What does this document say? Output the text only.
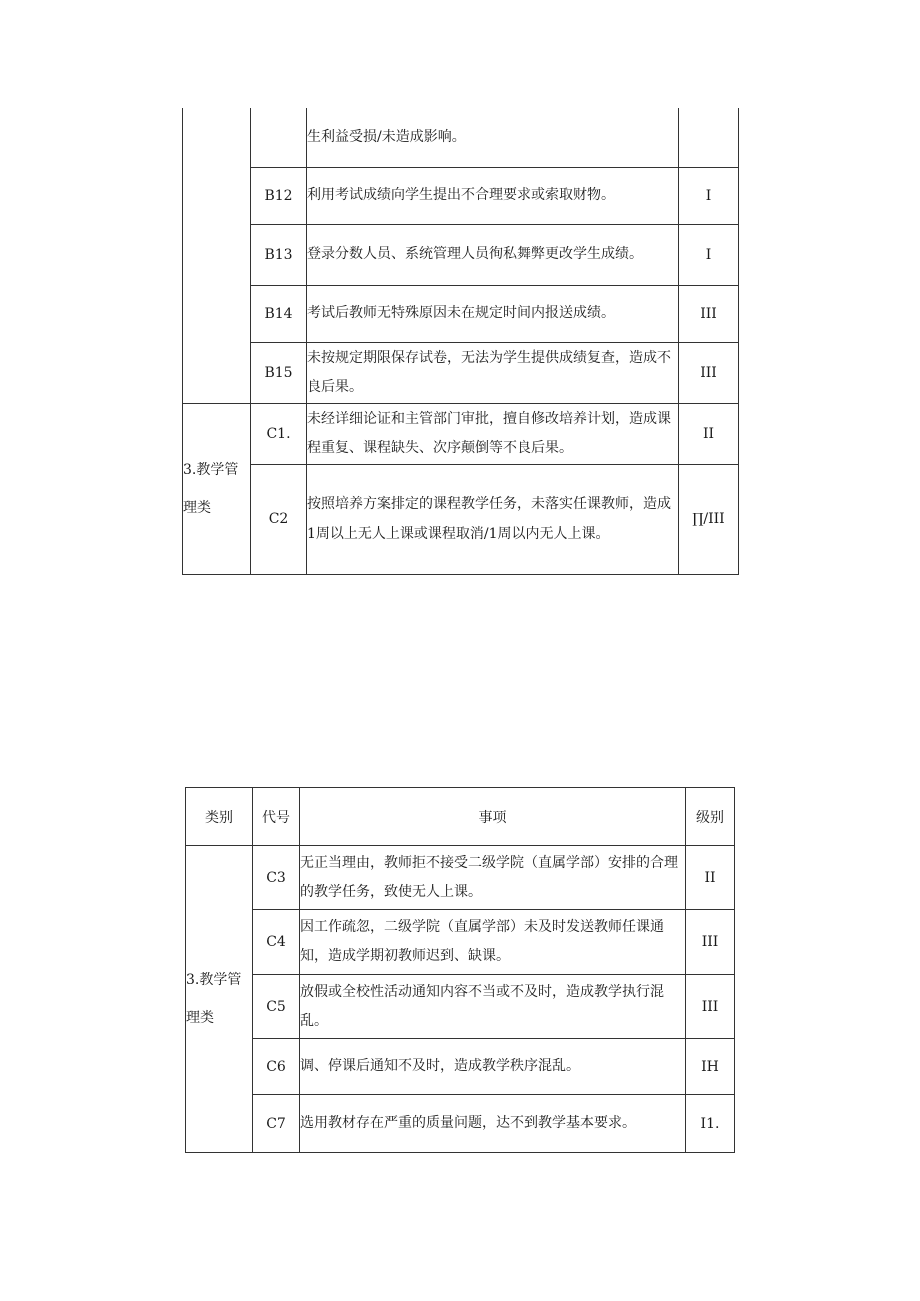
		生利益受损/未造成影响。	
	B12	利用考试成绩向学生提出不合理要求或索取财物。	I
	B13	登录分数人员、系统管理人员徇私舞弊更改学生成绩。	I
	B14	考试后教师无特殊原因未在规定时间内报送成绩。	III
	B15	未按规定期限保存试卷，无法为学生提供成绩复查，造成不良后果。	III
3.教学管理类	C1.	未经详细论证和主管部门审批，擅自修改培养计划，造成课程重复、课程缺失、次序颠倒等不良后果。	II
	C2	按照培养方案排定的课程教学任务，未落实任课教师，造成1周以上无人上课或课程取消/1周以内无人上课。	∏/III
类别	代号	事项	级别
3.教学管理类	C3	无正当理由，教师拒不接受二级学院（直属学部）安排的合理的教学任务，致使无人上课。	II
	C4	因工作疏忽，二级学院（直属学部）未及时发送教师任课通知，造成学期初教师迟到、缺课。	III
	C5	放假或全校性活动通知内容不当或不及时，造成教学执行混乱。	III
	C6	调、停课后通知不及时，造成教学秩序混乱。	IH
	C7	选用教材存在严重的质量问题，达不到教学基本要求。	I1.
